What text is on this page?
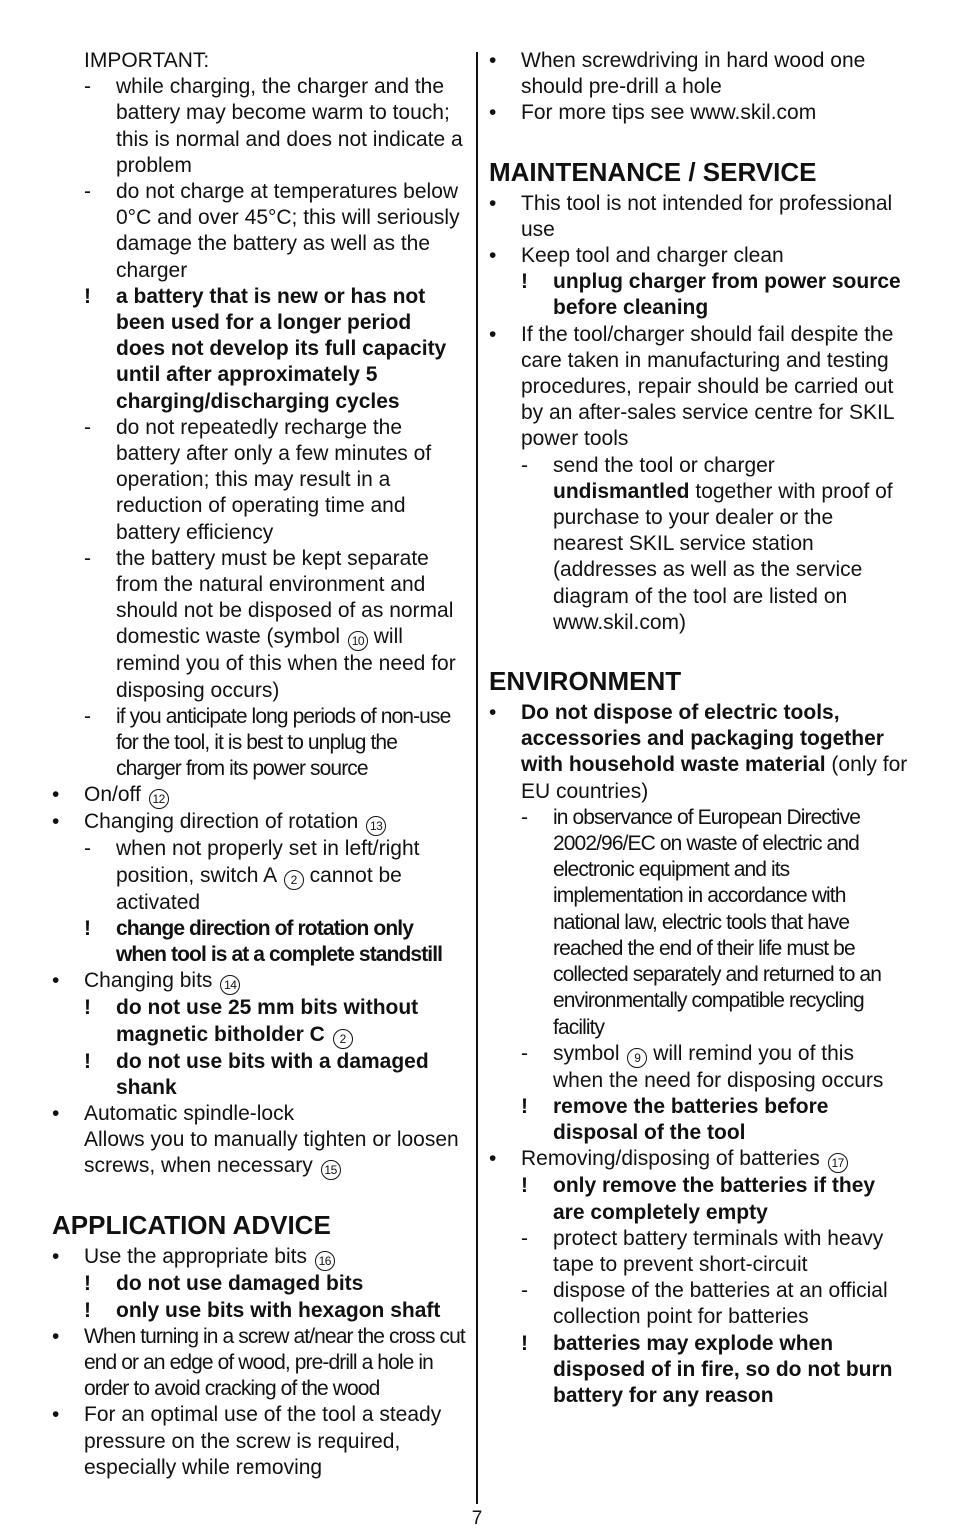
IMPORTANT:
-	while charging, the charger and the battery may become warm to touch; this is normal and does not indicate a problem
-	do not charge at temperatures below 0°C and over 45°C; this will seriously damage the battery as well as the charger
!	a battery that is new or has not been used for a longer period does not develop its full capacity until after approximately 5 charging/discharging cycles
-	do not repeatedly recharge the battery after only a few minutes of operation; this may result in a reduction of operating time and battery efficiency
-	the battery must be kept separate from the natural environment and should not be disposed of as normal domestic waste (symbol 10 will remind you of this when the need for disposing occurs)
-	if you anticipate long periods of non-use for the tool, it is best to unplug the charger from its power source
•	On/off 12
•	Changing direction of rotation 13
-	when not properly set in left/right position, switch A 2 cannot be activated
!	change direction of rotation only when tool is at a complete standstill
•	Changing bits 14
!	do not use 25 mm bits without magnetic bitholder C 2
!	do not use bits with a damaged shank
•	Automatic spindle-lock
Allows you to manually tighten or loosen screws, when necessary 15
APPLICATION ADVICE
•	Use the appropriate bits 16
!	do not use damaged bits
!	only use bits with hexagon shaft
•	When turning in a screw at/near the cross cut end or an edge of wood, pre-drill a hole in order to avoid cracking of the wood
•	For an optimal use of the tool a steady pressure on the screw is required, especially while removing
•	When screwdriving in hard wood one should pre-drill a hole
•	For more tips see www.skil.com
MAINTENANCE / SERVICE
•	This tool is not intended for professional use
•	Keep tool and charger clean
!	unplug charger from power source before cleaning
•	If the tool/charger should fail despite the care taken in manufacturing and testing procedures, repair should be carried out by an after-sales service centre for SKIL power tools
-	send the tool or charger undismantled together with proof of purchase to your dealer or the nearest SKIL service station (addresses as well as the service diagram of the tool are listed on www.skil.com)
ENVIRONMENT
•	Do not dispose of electric tools, accessories and packaging together with household waste material (only for EU countries)
-	in observance of European Directive 2002/96/EC on waste of electric and electronic equipment and its implementation in accordance with national law, electric tools that have reached the end of their life must be collected separately and returned to an environmentally compatible recycling facility
-	symbol 9 will remind you of this when the need for disposing occurs
!	remove the batteries before disposal of the tool
•	Removing/disposing of batteries 17
!	only remove the batteries if they are completely empty
-	protect battery terminals with heavy tape to prevent short-circuit
-	dispose of the batteries at an official collection point for batteries
!	batteries may explode when disposed of in fire, so do not burn battery for any reason
7
